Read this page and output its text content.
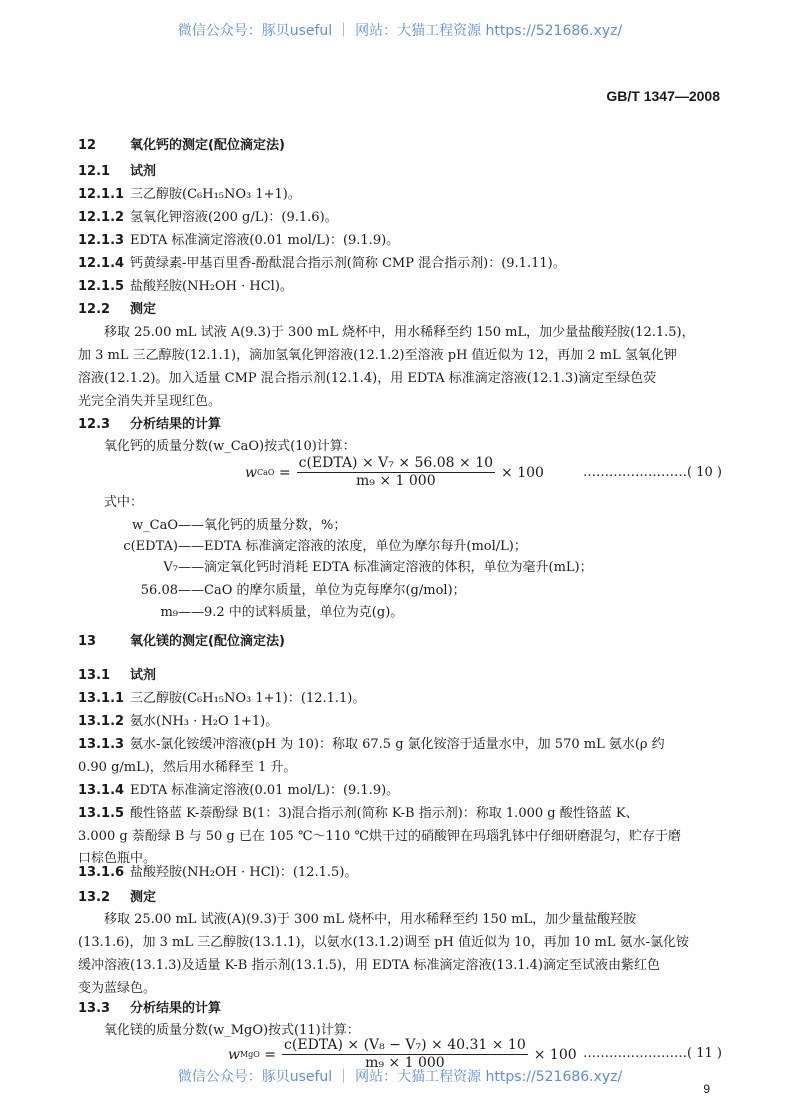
微信公众号：豚贝useful ｜ 网站：大猫工程资源 https://521686.xyz/
GB/T 1347—2008
12	氧化钙的测定(配位滴定法)
12.1 试剂
12.1.1 三乙醇胺(C₆H₁₅NO₃ 1+1)。
12.1.2 氢氧化钾溶液(200 g/L)：(9.1.6)。
12.1.3 EDTA 标准滴定溶液(0.01 mol/L)：(9.1.9)。
12.1.4 钙黄绿素-甲基百里香-酚酞混合指示剂(简称 CMP 混合指示剂)：(9.1.11)。
12.1.5 盐酸羟胺(NH₂OH · HCl)。
12.2 测定
移取 25.00 mL 试液 A(9.3)于 300 mL 烧杯中，用水稀释至约 150 mL，加少量盐酸羟胺(12.1.5)，
加 3 mL 三乙醇胺(12.1.1)，滴加氢氧化钾溶液(12.1.2)至溶液 pH 值近似为 12，再加 2 mL 氢氧化钾
溶液(12.1.2)。加入适量 CMP 混合指示剂(12.1.4)，用 EDTA 标准滴定溶液(12.1.3)滴定至绿色荧
光完全消失并呈现红色。
12.3 分析结果的计算
氧化钙的质量分数(w_CaO)按式(10)计算：
w CaO = $\frac{\text{c(EDTA) × V₇ × 56.08 × 10}}{\text{m₉ × 1 000}} \times 100$	……………………( 10 )
式中：
w_CaO ——氧化钙的质量分数，%；
c(EDTA) ——EDTA 标准滴定溶液的浓度，单位为摩尔每升(mol/L)；
V₇ ——滴定氧化钙时消耗 EDTA 标准滴定溶液的体积，单位为毫升(mL)；
56.08 ——CaO 的摩尔质量，单位为克每摩尔(g/mol)；
m₉ ——9.2 中的试料质量，单位为克(g)。
13	氧化镁的测定(配位滴定法)
13.1 试剂
13.1.1 三乙醇胺(C₆H₁₅NO₃ 1+1)：(12.1.1)。
13.1.2 氨水(NH₃ · H₂O 1+1)。
13.1.3 氨水-氯化铵缓冲溶液(pH 为 10)：称取 67.5 g 氯化铵溶于适量水中，加 570 mL 氨水(ρ 约
0.90 g/mL)，然后用水稀释至 1 升。
13.1.4 EDTA 标准滴定溶液(0.01 mol/L)：(9.1.9)。
13.1.5 酸性铬蓝 K-萘酚绿 B(1：3)混合指示剂(简称 K-B 指示剂)：称取 1.000 g 酸性铬蓝 K、
3.000 g 萘酚绿 B 与 50 g 已在 105 ℃～110 ℃烘干过的硝酸钾在玛瑙乳钵中仔细研磨混匀，贮存于磨
口棕色瓶中。
13.1.6 盐酸羟胺(NH₂OH · HCl)：(12.1.5)。
13.2 测定
移取 25.00 mL 试液(A)(9.3)于 300 mL 烧杯中，用水稀释至约 150 mL，加少量盐酸羟胺
(13.1.6)，加 3 mL 三乙醇胺(13.1.1)，以氨水(13.1.2)调至 pH 值近似为 10，再加 10 mL 氨水-氯化铵
缓冲溶液(13.1.3)及适量 K-B 指示剂(13.1.5)，用 EDTA 标准滴定溶液(13.1.4)滴定至试液由紫红色
变为蓝绿色。
13.3 分析结果的计算
氧化镁的质量分数(w_MgO)按式(11)计算：
w MgO = $\frac{\text{c(EDTA) × (V₈ − V₇) × 40.31 × 10}}{\text{m₉ × 1 000}} \times 100$ ……………………( 11 )
微信公众号：豚贝useful ｜ 网站：大猫工程资源 https://521686.xyz/
9
